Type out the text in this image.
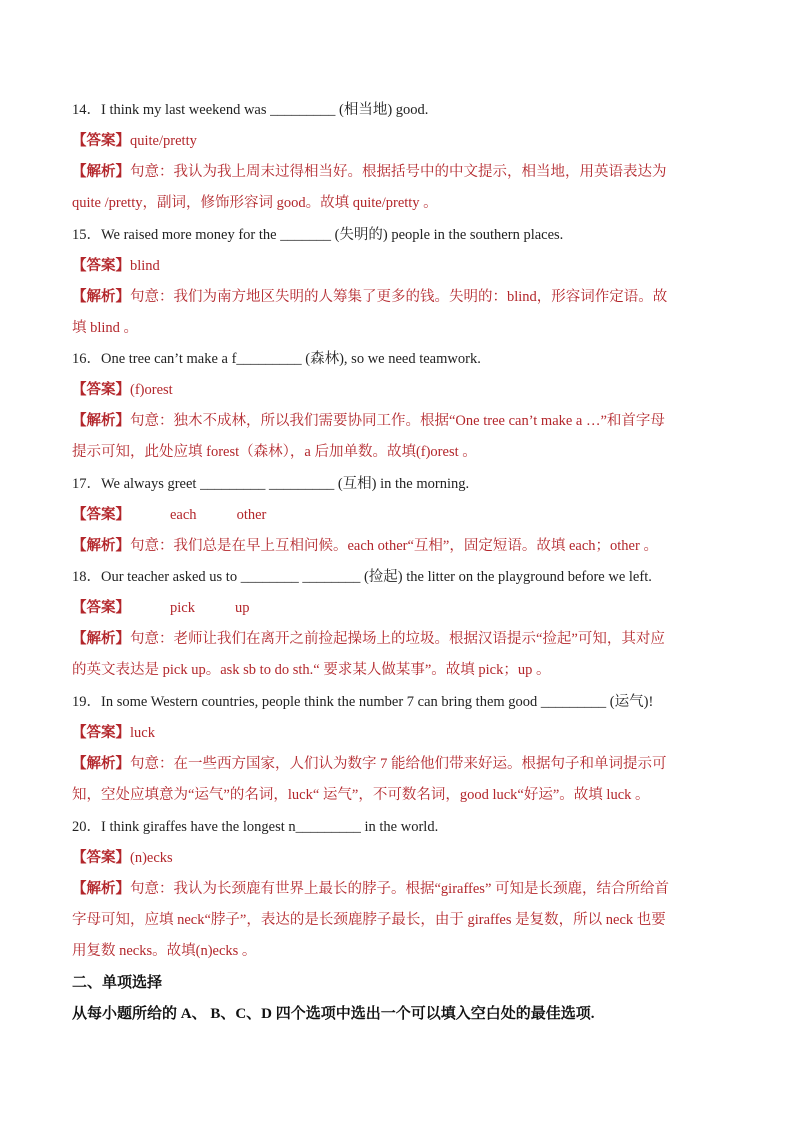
14．I think my last weekend was _________ (相当地) good.
【答案】quite/pretty
【解析】句意：我认为我上周末过得相当好。根据括号中的中文提示，相当地，用英语表达为
quite /pretty，副词，修饰形容词 good。故填 quite/pretty 。
15．We raised more money for the _______ (失明的) people in the southern places.
【答案】blind
【解析】句意：我们为南方地区失明的人筹集了更多的钱。失明的：blind，形容词作定语。故
填 blind 。
16．One tree can’t make a f_________ (森林), so we need teamwork.
【答案】(f)orest
【解析】句意：独木不成林，所以我们需要协同工作。根据“One tree can’t make a …”和首字母
提示可知，此处应填 forest（森林），a 后加单数。故填(f)orest 。
17．We always greet _________ _________ (互相) in the morning.
【答案】	each	other
【解析】句意：我们总是在早上互相问候。each other“互相”，固定短语。故填 each；other 。
18．Our teacher asked us to ________ ________ (捡起) the litter on the playground before we left.
【答案】	pick	up
【解析】句意：老师让我们在离开之前捡起操场上的垃圾。根据汉语提示“捡起”可知，其对应
的英文表达是 pick up。ask sb to do sth.“ 要求某人做某事”。故填 pick；up 。
19．In some Western countries, people think the number 7 can bring them good _________ (运气)!
【答案】luck
【解析】句意：在一些西方国家，人们认为数字 7 能给他们带来好运。根据句子和单词提示可
知，空处应填意为“运气”的名词，luck“ 运气”，不可数名词，good luck“好运”。故填 luck 。
20．I think giraffes have the longest n_________ in the world.
【答案】(n)ecks
【解析】句意：我认为长颈鹿有世界上最长的脖子。根据“giraffes” 可知是长颈鹿，结合所给首
字母可知，应填 neck“脖子”，表达的是长颈鹿脖子最长，由于 giraffes 是复数，所以 neck 也要
用复数 necks。故填(n)ecks 。
二、单项选择
从每小题所给的 A、 B、C、D 四个选项中选出一个可以填入空白处的最佳选项.
